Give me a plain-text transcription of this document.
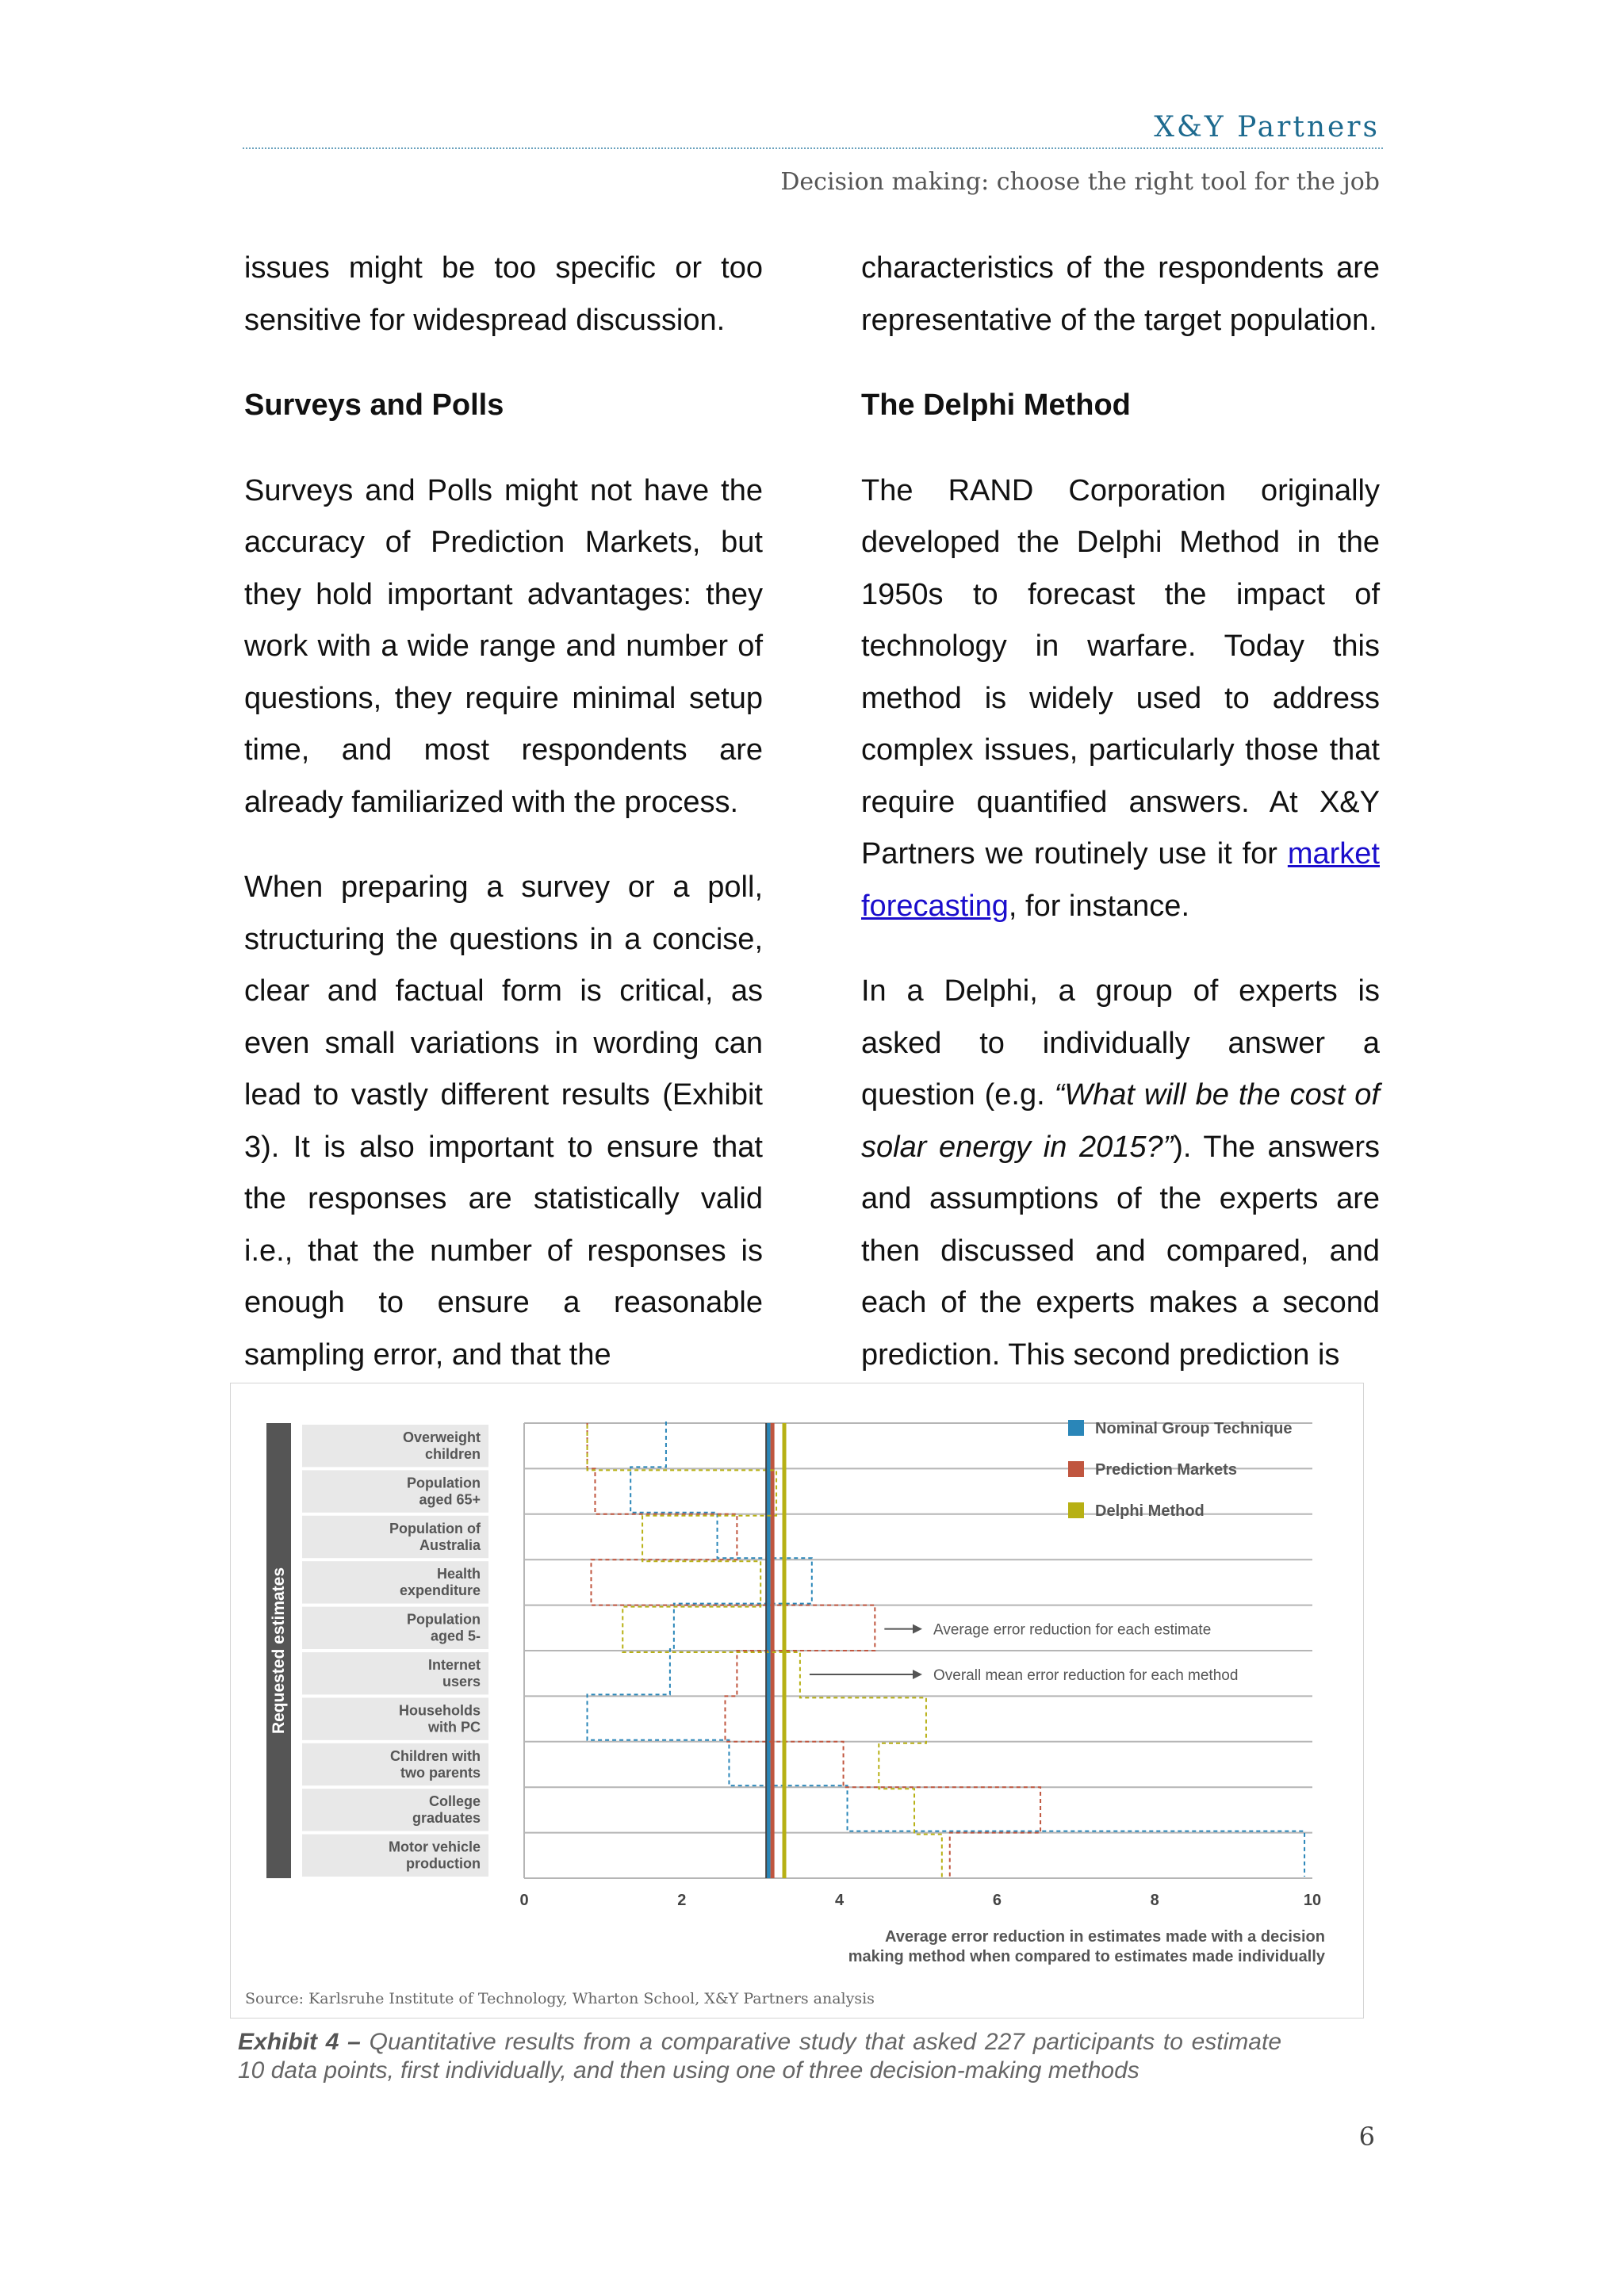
X&Y Partners
Decision making: choose the right tool for the job

issues might be too specific or too sensitive for widespread discussion.

Surveys and Polls

Surveys and Polls might not have the accuracy of Prediction Markets, but they hold important advantages: they work with a wide range and number of questions, they require minimal setup time, and most respondents are already familiarized with the process.

When preparing a survey or a poll, structuring the questions in a concise, clear and factual form is critical, as even small variations in wording can lead to vastly different results (Exhibit 3). It is also important to ensure that the responses are statistically valid i.e., that the number of responses is enough to ensure a reasonable sampling error, and that the

characteristics of the respondents are representative of the target population.

The Delphi Method

The RAND Corporation originally developed the Delphi Method in the 1950s to forecast the impact of technology in warfare. Today this method is widely used to address complex issues, particularly those that require quantified answers. At X&Y Partners we routinely use it for market forecasting, for instance.

In a Delphi, a group of experts is asked to individually answer a question (e.g. “What will be the cost of solar energy in 2015?”). The answers and assumptions of the experts are then discussed and compared, and each of the experts makes a second prediction. This second prediction is

Requested estimates
Overweight children
Population aged 65+
Population of Australia
Health expenditure
Population aged 5-
Internet users
Households with PC
Children with two parents
College graduates
Motor vehicle production
0	2	4	6	8	10
Average error reduction in estimates made with a decision
making method when compared to estimates made individually
Nominal Group Technique
Prediction Markets
Delphi Method
Average error reduction for each estimate
Overall mean error reduction for each method
Source: Karlsruhe Institute of Technology, Wharton School, X&Y Partners analysis
Exhibit 4 – Quantitative results from a comparative study that asked 227 participants to estimate 10 data points, first individually, and then using one of three decision-making methods
6
